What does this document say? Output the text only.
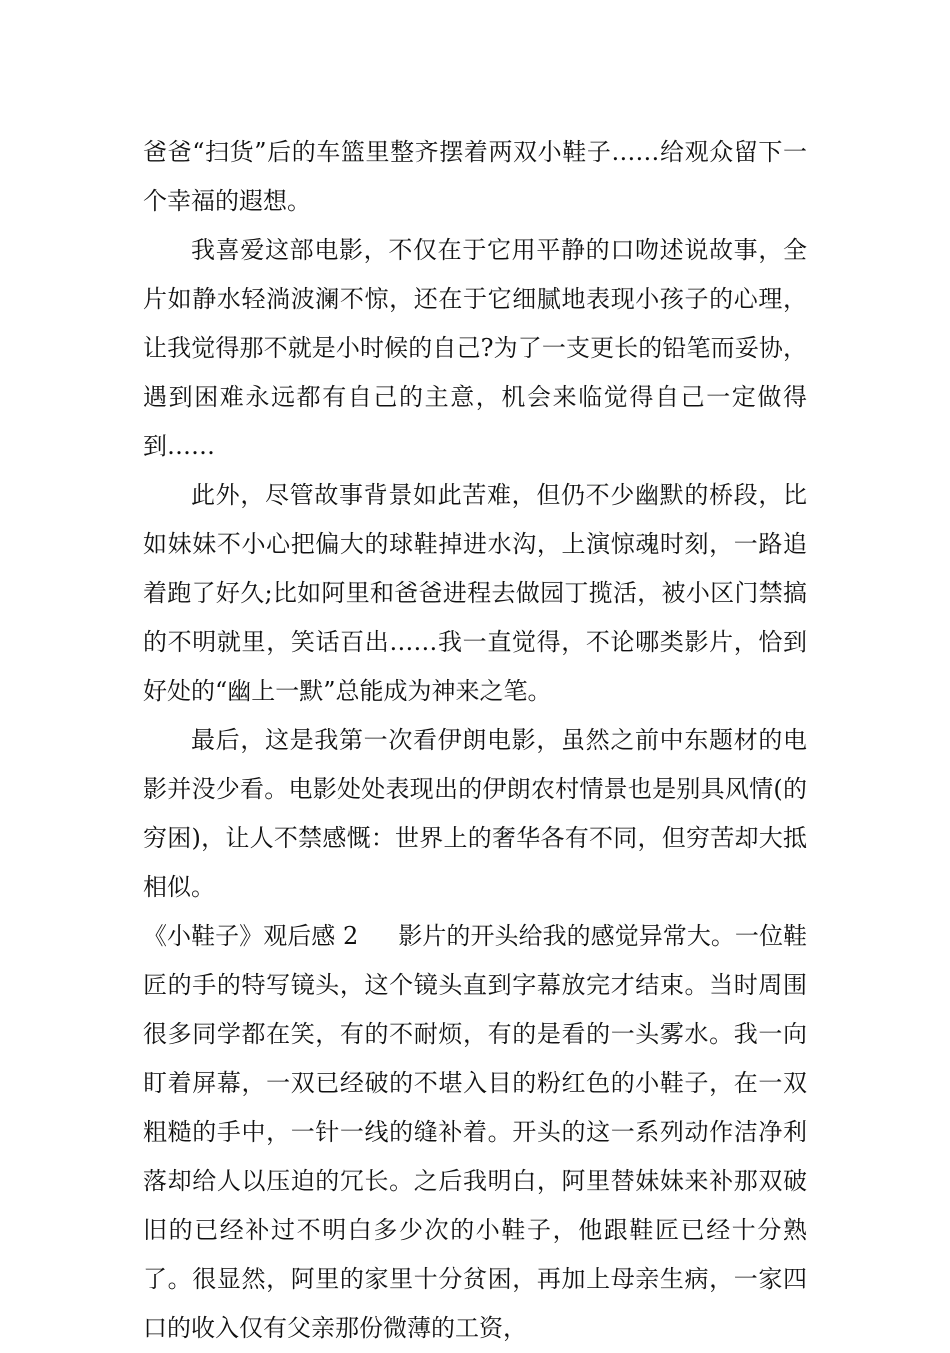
爸爸“扫货”后的车篮里整齐摆着两双小鞋子……给观众留下一个幸福的遐想。

我喜爱这部电影，不仅在于它用平静的口吻述说故事，全片如静水轻淌波澜不惊，还在于它细腻地表现小孩子的心理，让我觉得那不就是小时候的自己?为了一支更长的铅笔而妥协，遇到困难永远都有自己的主意，机会来临觉得自己一定做得到……

此外，尽管故事背景如此苦难，但仍不少幽默的桥段，比如妹妹不小心把偏大的球鞋掉进水沟，上演惊魂时刻，一路追着跑了好久;比如阿里和爸爸进程去做园丁揽活，被小区门禁搞的不明就里，笑话百出……我一直觉得，不论哪类影片，恰到好处的“幽上一默”总能成为神来之笔。

最后，这是我第一次看伊朗电影，虽然之前中东题材的电影并没少看。电影处处表现出的伊朗农村情景也是别具风情(的穷困)，让人不禁感慨：世界上的奢华各有不同，但穷苦却大抵相似。

《小鞋子》观后感 2 影片的开头给我的感觉异常大。一位鞋匠的手的特写镜头，这个镜头直到字幕放完才结束。当时周围很多同学都在笑，有的不耐烦，有的是看的一头雾水。我一向盯着屏幕，一双已经破的不堪入目的粉红色的小鞋子，在一双粗糙的手中，一针一线的缝补着。开头的这一系列动作洁净利落却给人以压迫的冗长。之后我明白，阿里替妹妹来补那双破旧的已经补过不明白多少次的小鞋子，他跟鞋匠已经十分熟了。很显然，阿里的家里十分贫困，再加上母亲生病，一家四口的收入仅有父亲那份微薄的工资，
